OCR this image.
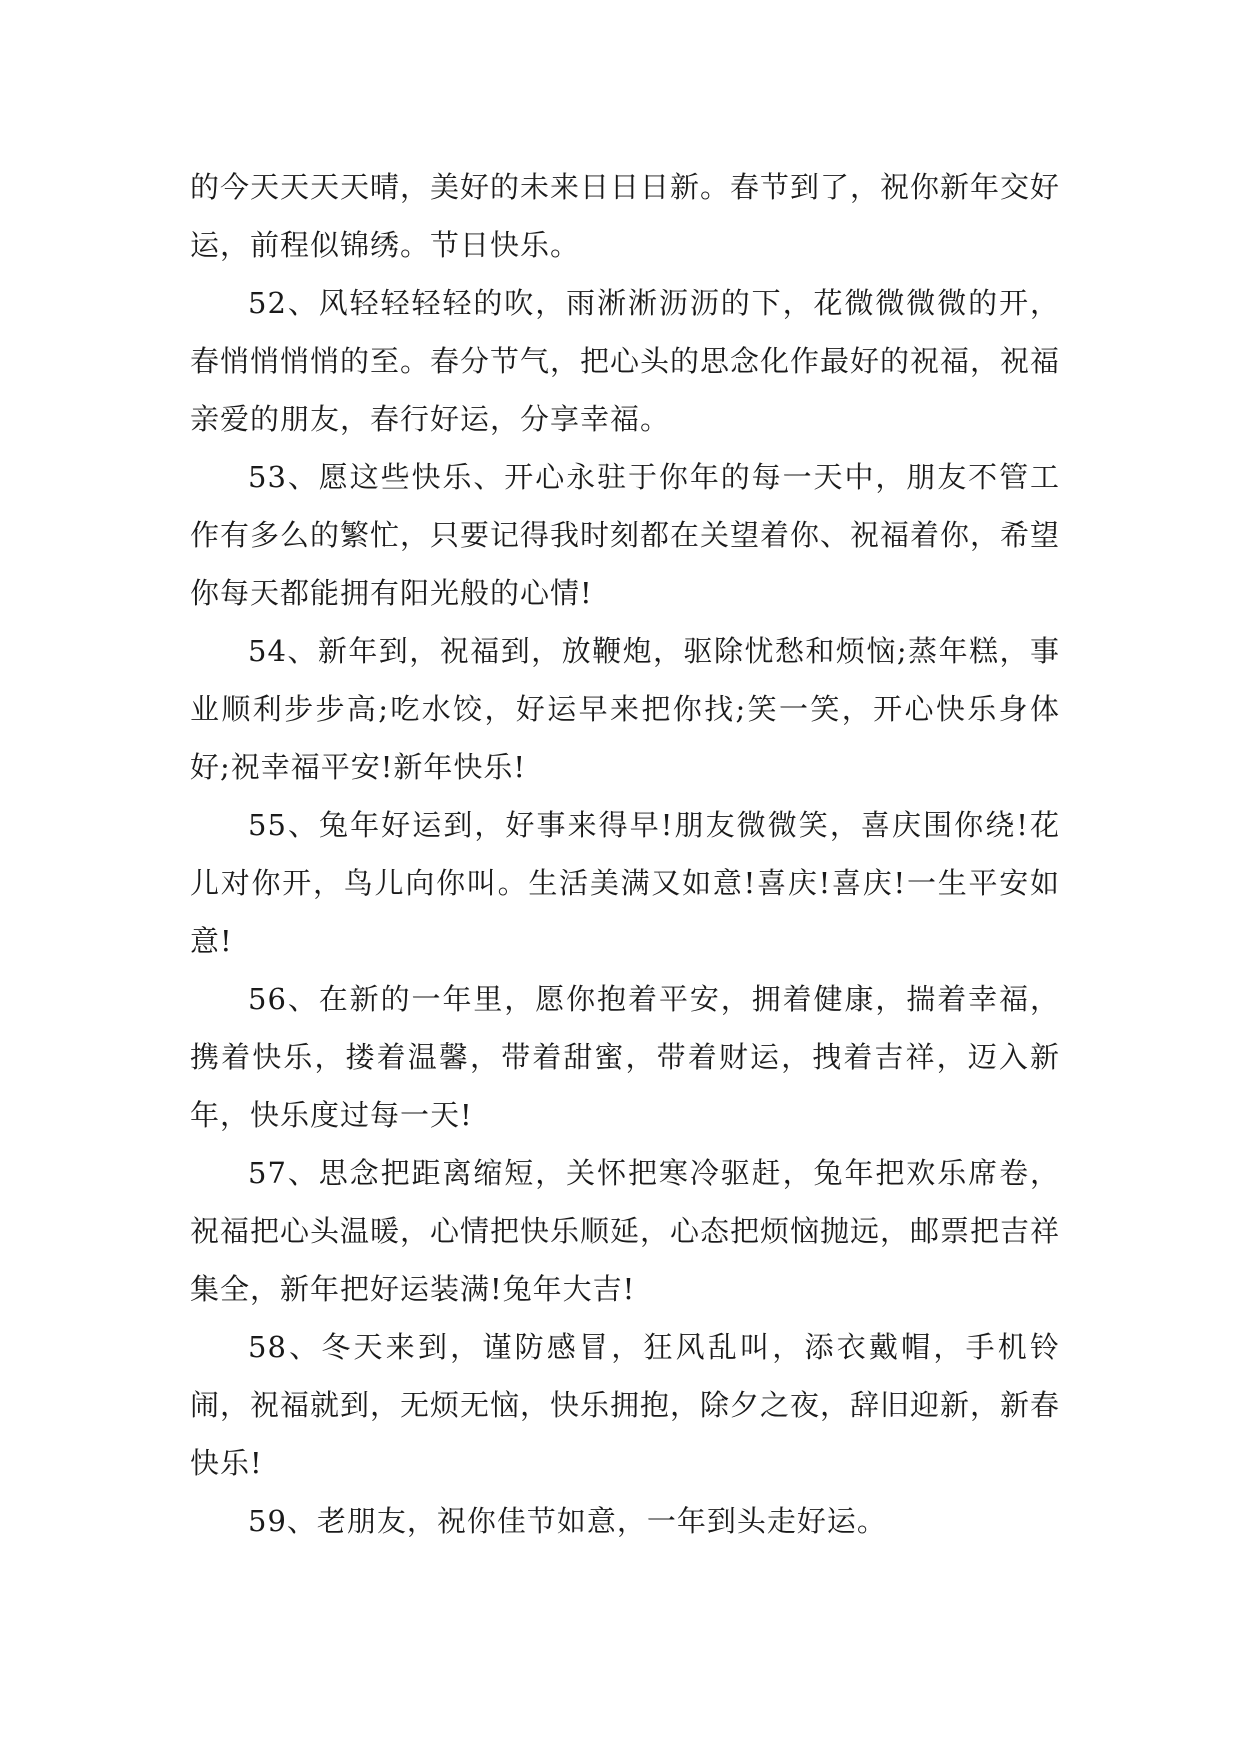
的今天天天天晴，美好的未来日日日新。春节到了，祝你新年交好运，前程似锦绣。节日快乐。

52、风轻轻轻轻的吹，雨淅淅沥沥的下，花微微微微的开，春悄悄悄悄的至。春分节气，把心头的思念化作最好的祝福，祝福亲爱的朋友，春行好运，分享幸福。

53、愿这些快乐、开心永驻于你年的每一天中，朋友不管工作有多么的繁忙，只要记得我时刻都在关望着你、祝福着你，希望你每天都能拥有阳光般的心情!

54、新年到，祝福到，放鞭炮，驱除忧愁和烦恼;蒸年糕，事业顺利步步高;吃水饺，好运早来把你找;笑一笑，开心快乐身体好;祝幸福平安!新年快乐!

55、兔年好运到，好事来得早!朋友微微笑，喜庆围你绕!花儿对你开，鸟儿向你叫。生活美满又如意!喜庆!喜庆!一生平安如意!

56、在新的一年里，愿你抱着平安，拥着健康，揣着幸福，携着快乐，搂着温馨，带着甜蜜，带着财运，拽着吉祥，迈入新年，快乐度过每一天!

57、思念把距离缩短，关怀把寒冷驱赶，兔年把欢乐席卷，祝福把心头温暖，心情把快乐顺延，心态把烦恼抛远，邮票把吉祥集全，新年把好运装满!兔年大吉!

58、冬天来到，谨防感冒，狂风乱叫，添衣戴帽，手机铃闹，祝福就到，无烦无恼，快乐拥抱，除夕之夜，辞旧迎新，新春快乐!

59、老朋友，祝你佳节如意，一年到头走好运。
